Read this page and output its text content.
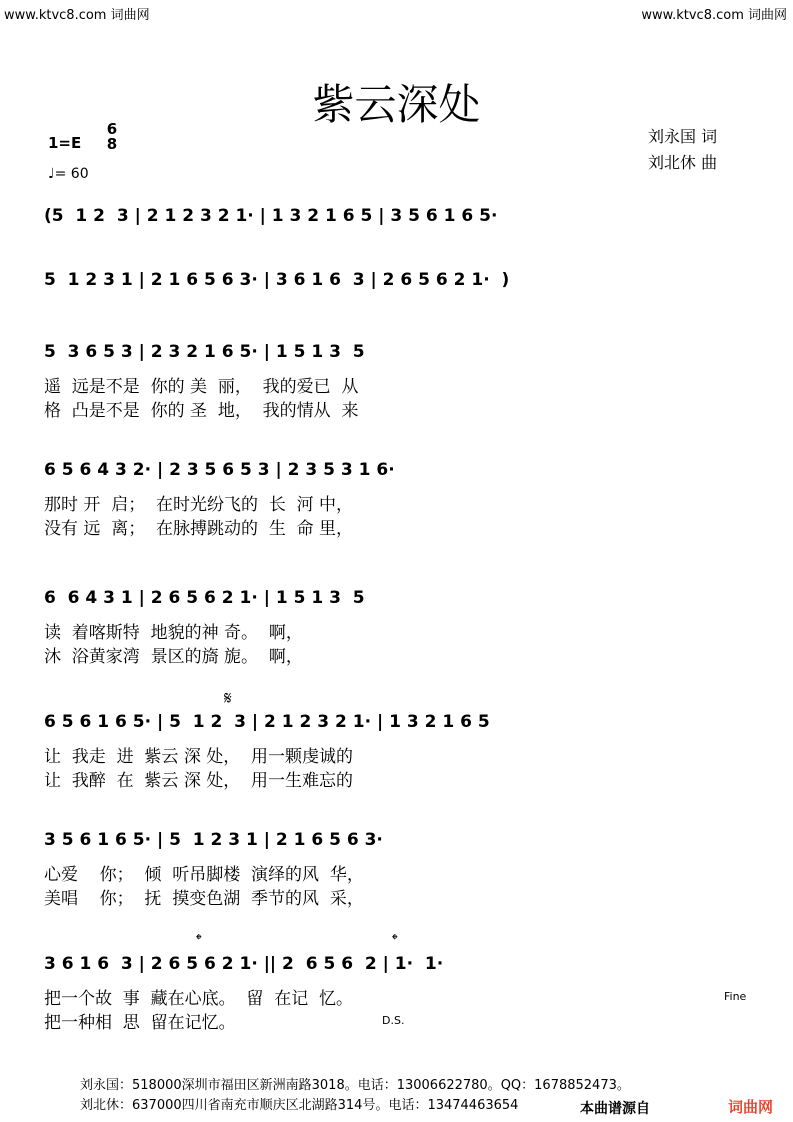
www.ktvc8.com 词曲网	www.ktvc8.com 词曲网
紫云深处
1=E
6
8
♩= 60
刘永国 词
刘北休 曲
(5  1 2  3 | 2 1 2 3 2 1· | 1 3 2 1 6 5 | 3 5 6 1 6 5·
5  1 2 3 1 | 2 1 6 5 6 3· | 3 6 1 6  3 | 2 6 5 6 2 1·  )
5  3 6 5 3 | 2 3 2 1 6 5· | 1 5 1 3  5
遥  远是不是  你的 美  丽，  我的爱已  从
格  凸是不是  你的 圣  地，  我的情从  来
6 5 6 4 3 2· | 2 3 5 6 5 3 | 2 3 5 3 1 6·
那时 开  启；  在时光纷飞的  长  河 中，
没有 远  离；  在脉搏跳动的  生  命 里，
6  6 4 3 1 | 2 6 5 6 2 1· | 1 5 1 3  5
读  着喀斯特  地貌的神 奇。  啊，
沐  浴黄家湾  景区的旖 旎。  啊，
𝄋
6 5 6 1 6 5· | 5  1 2  3 | 2 1 2 3 2 1· | 1 3 2 1 6 5
让  我走  进  紫云 深 处，  用一颗虔诚的
让  我醉  在  紫云 深 处，  用一生难忘的
3 5 6 1 6 5· | 5  1 2 3 1 | 2 1 6 5 6 3·
心爱    你；  倾  听吊脚楼  演绎的风  华，
美唱    你；  抚  摸变色湖  季节的风  采，
𝄌	𝄌
3 6 1 6  3 | 2 6 5 6 2 1· || 2  6 5 6  2 | 1·  1·
把一个故  事  藏在心底。  留  在记  忆。
把一种相  思  留在记忆。
Fine
D.S.
刘永国：518000深圳市福田区新洲南路3018。电话：13006622780。QQ：1678852473。
刘北休：637000四川省南充市顺庆区北湖路314号。电话：13474463654	本曲谱源自	词曲网
